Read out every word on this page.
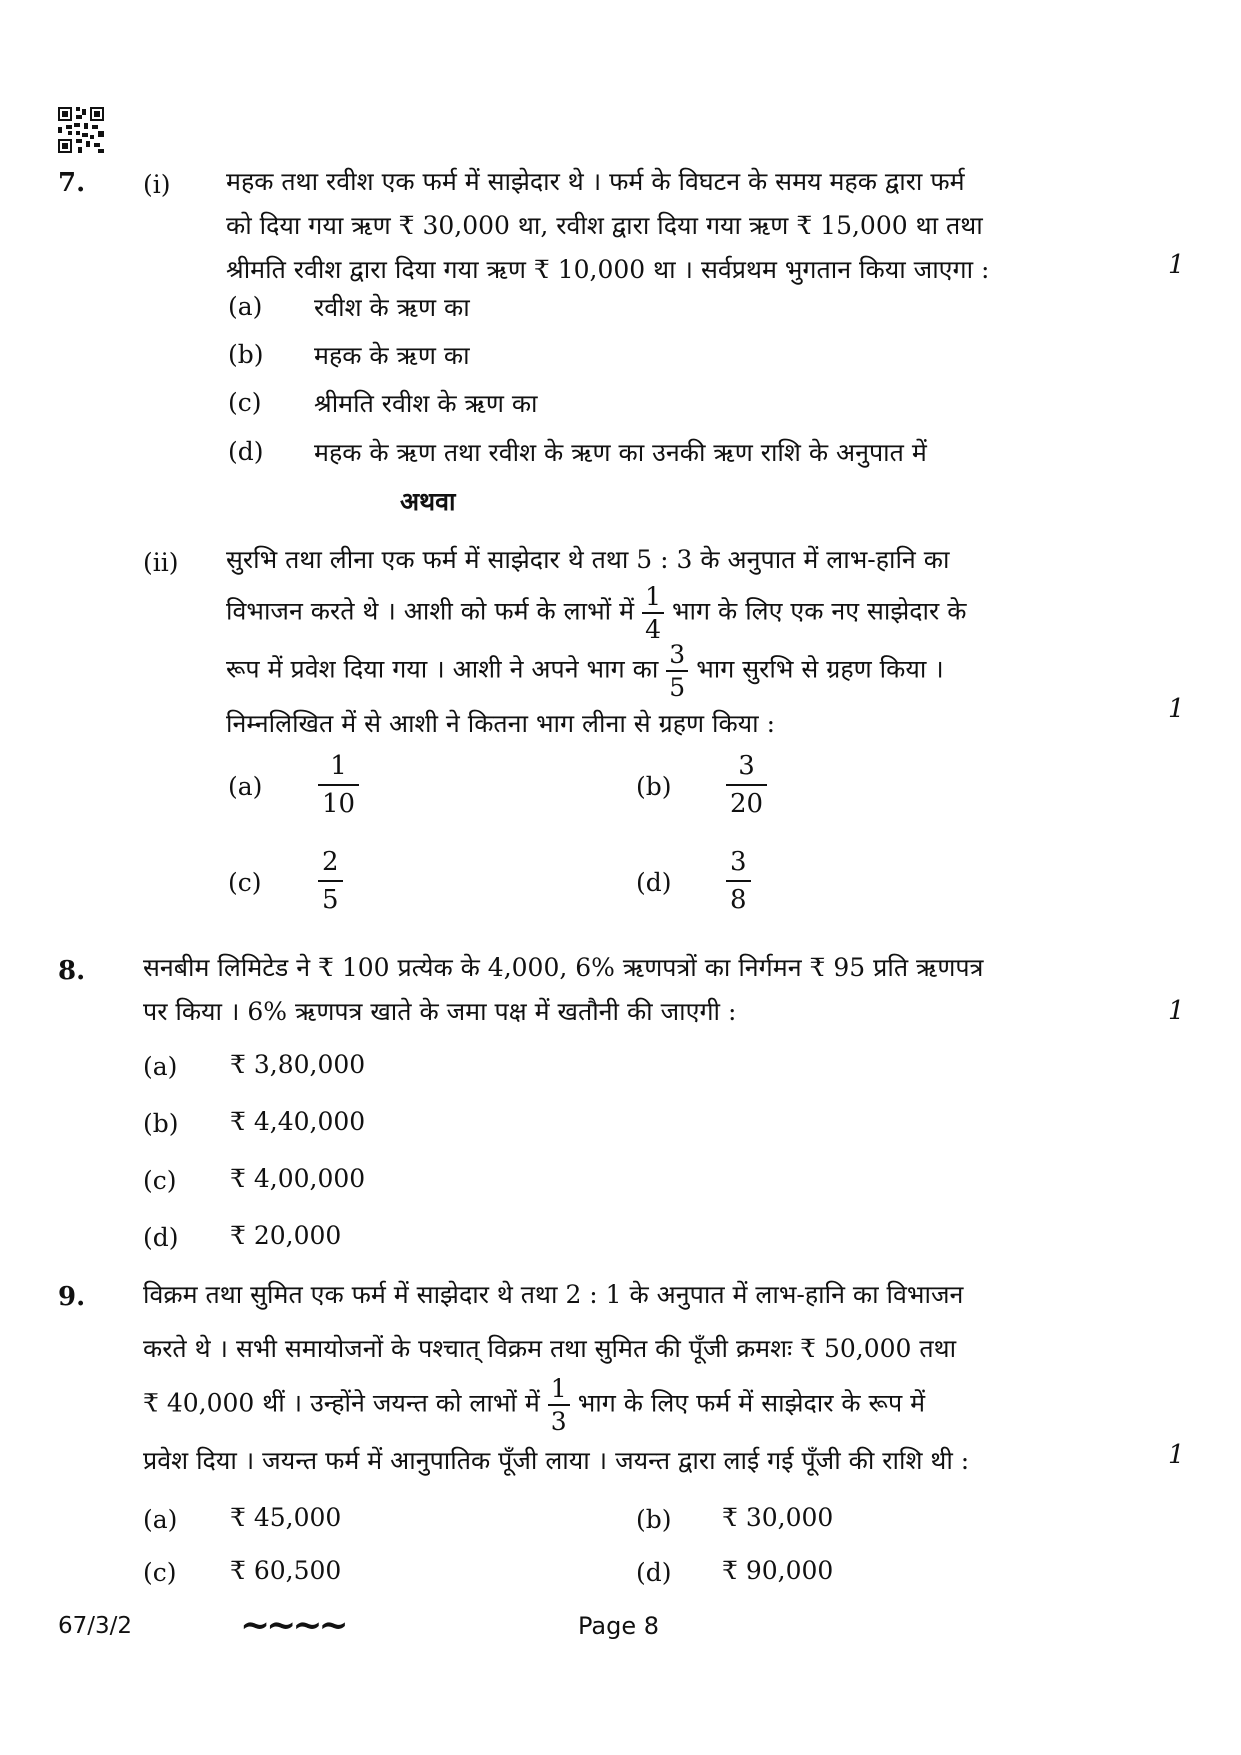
7. (i) महक तथा रवीश एक फर्म में साझेदार थे । फर्म के विघटन के समय महक द्वारा फर्म
को दिया गया ऋण ₹ 30,000 था, रवीश द्वारा दिया गया ऋण ₹ 15,000 था तथा
श्रीमति रवीश द्वारा दिया गया ऋण ₹ 10,000 था । सर्वप्रथम भुगतान किया जाएगा :	1
(a) रवीश के ऋण का
(b) महक के ऋण का
(c) श्रीमति रवीश के ऋण का
(d) महक के ऋण तथा रवीश के ऋण का उनकी ऋण राशि के अनुपात में
अथवा
(ii) सुरभि तथा लीना एक फर्म में साझेदार थे तथा 5 : 3 के अनुपात में लाभ-हानि का
विभाजन करते थे । आशी को फर्म के लाभों में $\frac{1}{4}$ भाग के लिए एक नए साझेदार के
रूप में प्रवेश दिया गया । आशी ने अपने भाग का $\frac{3}{5}$ भाग सुरभि से ग्रहण किया ।
निम्नलिखित में से आशी ने कितना भाग लीना से ग्रहण किया :	1
$(a) \frac{1}{10}$	$(b) \frac{3}{20}$
$(c) \frac{2}{5}$	$(d) \frac{3}{8}$
8. सनबीम लिमिटेड ने ₹ 100 प्रत्येक के 4,000, 6% ऋणपत्रों का निर्गमन ₹ 95 प्रति ऋणपत्र
पर किया । 6% ऋणपत्र खाते के जमा पक्ष में खतौनी की जाएगी :	1
(a) ₹ 3,80,000
(b) ₹ 4,40,000
(c) ₹ 4,00,000
(d) ₹ 20,000
9. विक्रम तथा सुमित एक फर्म में साझेदार थे तथा 2 : 1 के अनुपात में लाभ-हानि का विभाजन
करते थे । सभी समायोजनों के पश्चात् विक्रम तथा सुमित की पूँजी क्रमशः ₹ 50,000 तथा
₹ 40,000 थीं । उन्होंने जयन्त को लाभों में $\frac{1}{3}$ भाग के लिए फर्म में साझेदार के रूप में
प्रवेश दिया । जयन्त फर्म में आनुपातिक पूँजी लाया । जयन्त द्वारा लाई गई पूँजी की राशि थी :	1
(a) ₹ 45,000	(b) ₹ 30,000
(c) ₹ 60,500	(d) ₹ 90,000
67/3/2	~~~~	Page 8
